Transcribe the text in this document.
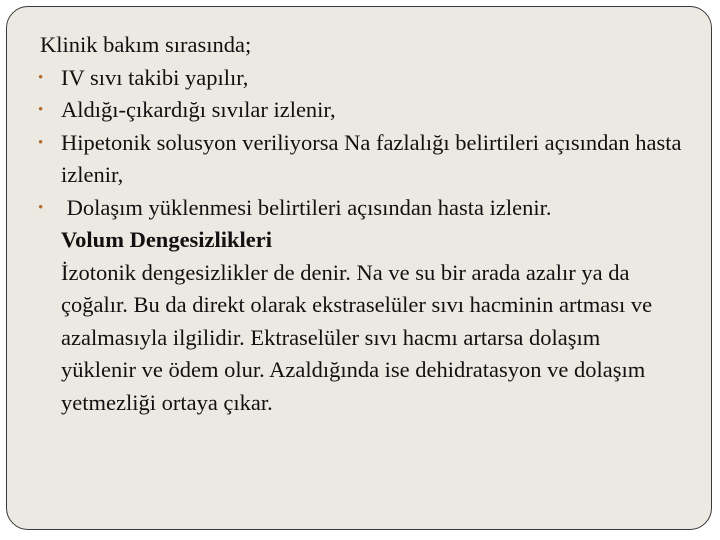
Klinik bakım sırasında;

• IV sıvı takibi yapılır,
• Aldığı-çıkardığı sıvılar izlenir,
• Hipetonik solusyon veriliyorsa Na fazlalığı belirtileri açısından hasta izlenir,
• Dolaşım yüklenmesi belirtileri açısından hasta izlenir.

Volum Dengesizlikleri

İzotonik dengesizlikler de denir. Na ve su bir arada azalır ya da çoğalır. Bu da direkt olarak ekstraselüler sıvı hacminin artması ve azalmasıyla ilgilidir. Ektraselüler sıvı hacmı artarsa dolaşım yüklenir ve ödem olur. Azaldığında ise dehidratasyon ve dolaşım yetmezliği ortaya çıkar.
